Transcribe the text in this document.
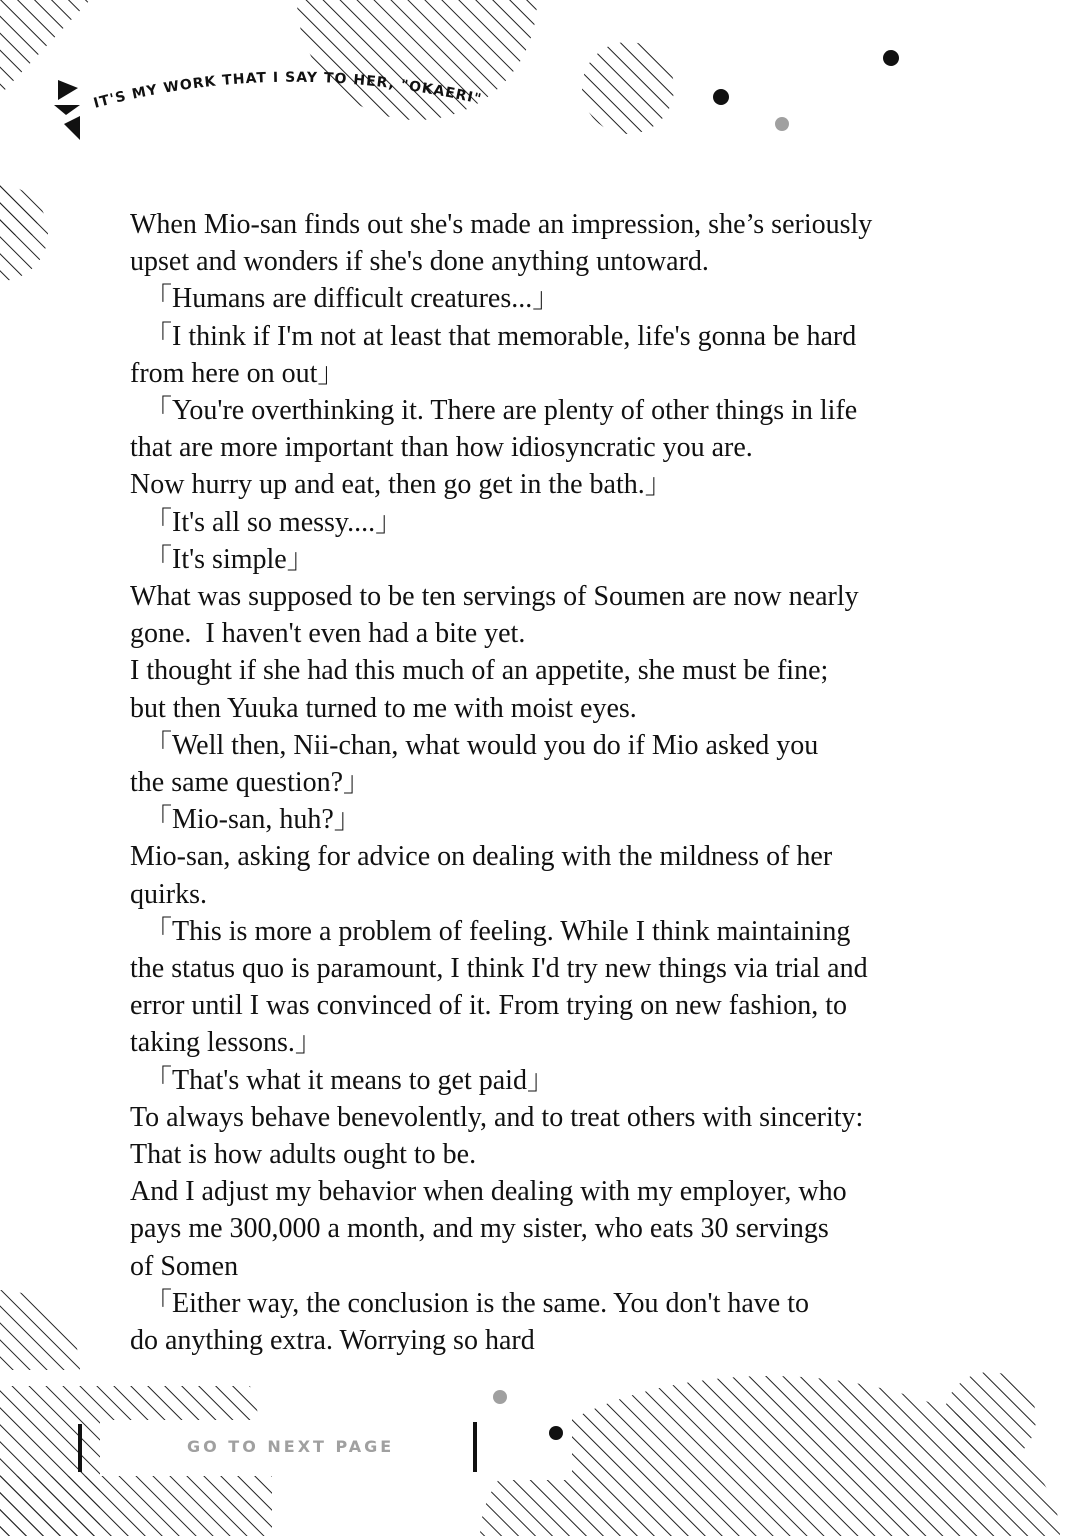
IT'S MY WORK THAT I SAY TO HER, "OKAERI"

When Mio-san finds out she's made an impression, she’s seriously

upset and wonders if she's done anything untoward.

「Humans are difficult creatures...」

「I think if I'm not at least that memorable, life's gonna be hard

from here on out」

「You're overthinking it. There are plenty of other things in life

that are more important than how idiosyncratic you are.

Now hurry up and eat, then go get in the bath.」

「It's all so messy....」

「It's simple」

What was supposed to be ten servings of Soumen are now nearly

gone.  I haven't even had a bite yet.

I thought if she had this much of an appetite, she must be fine;

but then Yuuka turned to me with moist eyes.

「Well then, Nii-chan, what would you do if Mio asked you

the same question?」

「Mio-san, huh?」

Mio-san, asking for advice on dealing with the mildness of her

quirks.

「This is more a problem of feeling. While I think maintaining

the status quo is paramount, I think I'd try new things via trial and

error until I was convinced of it. From trying on new fashion, to

taking lessons.」

「That's what it means to get paid」

To always behave benevolently, and to treat others with sincerity:

That is how adults ought to be.

And I adjust my behavior when dealing with my employer, who

pays me 300,000 a month, and my sister, who eats 30 servings

of Somen

「Either way, the conclusion is the same. You don't have to

do anything extra. Worrying so hard

GO TO NEXT PAGE
